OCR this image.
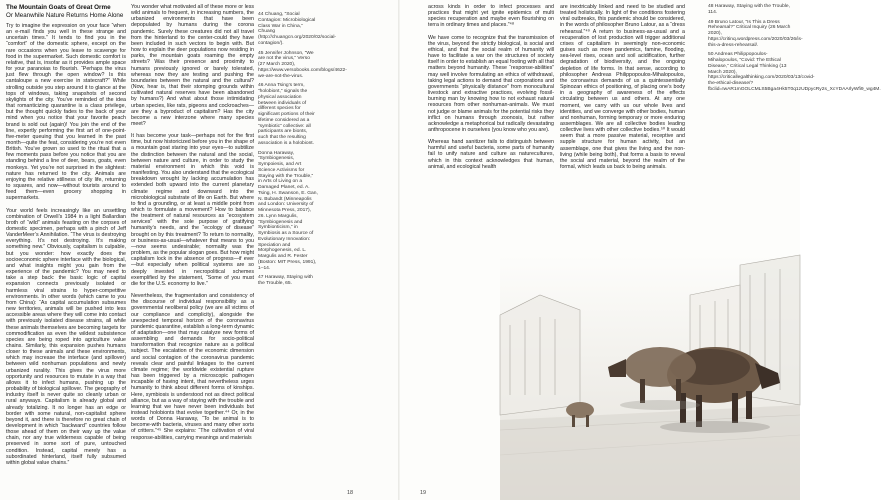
The Mountain Goats of Great Orme
Or Meanwhile Nature Returns Home Alone

Try to imagine the expression on your face “when an e-mail finds you well in these strange and uncertain times.” It tends to find you in the “comfort” of the domestic sphere, except on the rare occasions when you leave to scavenge for food in the supermarket. Such domestic comfort is relative, that is, insofar as it provides ample space for your paranoias to flourish. “Perhaps the virus just flew through the open window? Is this cantaloupe a new exercise in statecraft?” While strolling outside you step around it to glance at the tops of windows, taking snapshots of second skylights of the city. You’ve reminded of the idea that romanticizing quarantine is a class privilege, but the thought quickly fades to the back of your mind when you notice that your favorite peach brand is sold out (again)! You join the end of the line, expertly performing the first art of one-point-five-meter queuing that you learned in the past month—quite the feat, considering you’re not even British. You’ve grown so used to the ritual that a few moments pass before you notice that you are standing behind a line of deer, bears, goats, even monkeys. Yet you’re not surprised in the slightest: nature has returned to the city. Animals are enjoying the relative stillness of city life, returning to squares, and now—without tourists around to feed them—even grocery shopping in supermarkets.

Your world feels increasingly like an unsettling combination of Orwell’s 1984 in a light Ballardian broth of “wild” animals feasting on the corpses of domestic specimen, perhaps with a pinch of Jeff VanderMeer’s Annihilation. “The virus is destroying everything. It’s not destroying. It’s making something new.” Obviously, capitalism is culpable, but you wonder: how exactly does the socioeconomic sphere interface with the biological, and what insights might you gain from the experience of the pandemic? You may need to take a step back: the basic logic of capital expansion connects previously isolated or harmless viral strains to hyper-competitive environments. In other words (which came to you from China): “As capital accumulation subsumes new territories, animals will be pushed into less accessible areas where they will come into contact with previously isolated disease strains, all while these animals themselves are becoming targets for commodification as even the wildest subsistence species are being roped into agriculture value chains. Similarly, this expansion pushes humans closer to these animals and these environments, which may increase the interface (and spillover) between wild nonhuman populations and newly urbanized rurality. This gives the virus more opportunity and resources to mutate in a way that allows it to infect humans, pushing up the probability of biological spillover. The geography of industry itself is never quite so cleanly urban or rural anyways. Capitalism is already global and already totalizing. It no longer has an edge or border with some natural, non-capitalist sphere beyond it, and there is therefore no great chain of development in which “backward” countries follow those ahead of them on their way up the value chain, nor any true wilderness capable of being preserved in some sort of pure, untouched condition. Instead, capital merely has a subordinated hinterland, itself fully subsumed within global value chains.”

You wonder what motivated all of these more or less wild animals to frequent, in increasing numbers, the urbanized environments that have been depopulated by humans during the corona pandemic. Surely these creatures did not all travel from the hinterland to the center-could they have been included in such vectors to begin with. But how to explain the deer populations now residing in parks, the mountain goats roaming the empty streets? Was their presence and proximity to humans previously ignored or barely tolerated, whereas now they are testing and pushing the boundaries between the natural and the cultural? (Now, hear is, that their stomping grounds within cultivated natural reserves have been abandoned by humans?) And what about those intimidating urban species, like rats, pigeons and cockroaches—are they a byproduct of capitalism? Has the city become a new interzone where many species meet?

It has become your task—perhaps not for the first time, but now historicized before you in the shape of a mountain goat staring into your eyes—to subtilize the distinction between the natural and the social, between nature and culture, in order to study the material environment in which this void is manifesting. You also understand that the ecological breakdown wrought by lacking accumulation has extended both upward into the current planetary climate regime and downward into the microbiological substrate of life on Earth. But where to find a grounding, or at least a middle point from which to formulate a movement? How to balance the treatment of natural resources as “ecosystem services” with the sole purpose of gratifying humanity’s needs, and the “ecology of disease” brought on by this treatment? To return to normality, or business-as-usual—whatever that means to you—now seems undesirable; normality was the problem, as the popular slogan goes. But how might capitalism lock in the absence of progress—if ever—but especially when political systems are so deeply invested in necropolitical schemes exemplified by the statement, “Some of you must die for the U.S. economy to live.”

Nevertheless, the fragmentation and consistency of the discourse of individual responsibility as a governmental neoliberal policy (we are all victims of our compliance and complicity), alongside the unexpected temporal horizon of the coronavirus pandemic quarantine, establish a long-term dynamic of adaptation—one that may catalyze new forms of assembling and demands for socio-political transformation that recognize nature as a political subject. The escalation of the economic dimension and social contagion of the coronavirus pandemic reveals clear and painful linkages to the current climate regime; the worldwide existential rupture has been triggered by a microscopic pathogen incapable of having intent, that nevertheless urges humanity to think about different forms of kinships. Here, symbiosis is understood not as direct political alliance, but as a way of staying with the trouble and learning that we have never been individuals but instead holobionts that evolve together.⁴⁴ Or, in the words of Donna Haraway, “To be animal is to become-with bacteria, viruses and many other sorts of critters.”⁴⁵ She explains: “The cultivation of viral response-abilities, carrying meanings and materials

44 Chuang, “Social Contagion: Microbiological Class War in China,” Chuang (http://chuangcn.org/2020/02/social-contagion/).

45 Jennifer Johnson, “We are not the virus,” Verso (27 March 2020), https://www.versobooks.com/blogs/4622-we-are-not-the-virus.

46 Anna Tsing’s term, “holobiont,” signals the physical association between individuals of different species for significant portions of their lifetime considered as a “symbiotic” collective: all participants are bionts, such that the resulting association is a holobiont.

Donna Haraway, “Symbiogenesis, Sympoiesis, and Art Science Activisms for Staying with the Trouble,” in Arts of Living on a Damaged Planet, ed. A. Tsing, H. Swanson, E. Gan, N. Bubandt (Minneapolis and London: University of Minnesota Press, 2017), 26. Lynn Margulis, “Symbiogenesis and Symbionticism,” in Symbiosis as a Source of Evolutionary Innovation: Speciation and Morphogenesis, ed. L. Margulis and R. Fester (Boston: MIT Press, 1991), 1–14.

47 Haraway, Staying with the Trouble, 65.

18

across kinds in order to infect processes and practices that might yet ignite epidemics of multi species recuperation and maybe even flourishing on terra in ordinary times and places.”⁴⁸

We have come to recognize that the transmission of the virus, beyond the strictly biological, is social and ethical, and that the social realm of humanity will have to facilitate a war on the structures of society itself in order to establish an equal footing with all that matters beyond humanity. These “response-abilities” may well involve formulating an ethics of withdrawal, taking legal actions to demand that corporations and governments “physically distance” from monocultural livestock and extractive practices, evolving fossil-burning man by knowing how to not exhaust natural resources from other nonhuman-animals. We must not judge or blame animals for the potential risks they inflict on humans through zoonosis, but rather acknowledge a metaphorical but radically devastating anthropocene in ourselves (you know who you are).

Whereas hand sanitizer fails to distinguish between harmful and useful bacteria, some parts of humanity fail to unify nature and culture as naturecultures, which in this context acknowledges that human, animal, and ecological health

are inextricably linked and need to be studied and treated holistically. In light of the conditions fostering viral outbreaks, this pandemic should be considered, in the words of philosopher Bruno Latour, as a “dress rehearsal.”⁴⁹ A return to business-as-usual and a recuperation of lost production will trigger additional crises of capitalism in seemingly non-economic guises such as more pandemics, famine, flooding, sea-level rises, ocean and soil acidification, further degradation of biodiversity, and the ongoing depletion of life forms. In that sense, according to philosopher Andreas Philippopoulos-Mihalopoulos, the coronavirus demands of us a quintessentially Spinozan ethics of positioning, of placing one’s body in a geography of awareness of the effects circulating between us and others. At any one moment, we carry with us our whole lives and identities, and we converge with other bodies, human and nonhuman, forming temporary or more enduring assemblages. We are all collective bodies leading collective lives with other collective bodies.⁵⁰ It would seem that a more passive material, receptive and supple structure for human activity, but an assemblage, one that gives the living and the non-living (while being both), that forms a basis to reveal the social and material, beyond the realm of the formal, which leads us back to being animals.

48 Haraway, Staying with the Trouble, 114.

49 Bruno Latour, “Is This a Dress Rehearsal?” Critical Inquiry (26 March 2020), https://critinq.wordpress.com/2020/03/26/is-this-a-dress-rehearsal/.

50 Andreas Philippopoulos-Mihalopoulos, “Covid: The Ethical Disease,” Critical Legal Thinking (13 March 2020), https://criticallegalthinking.com/2020/03/13/covid-the-ethical-disease/?fbclid=IwAR1mGOLCMLS5Bga4Hk5T0q1zUDpycRy2s_XcYDAArlyWfi9_wg4M.

19
